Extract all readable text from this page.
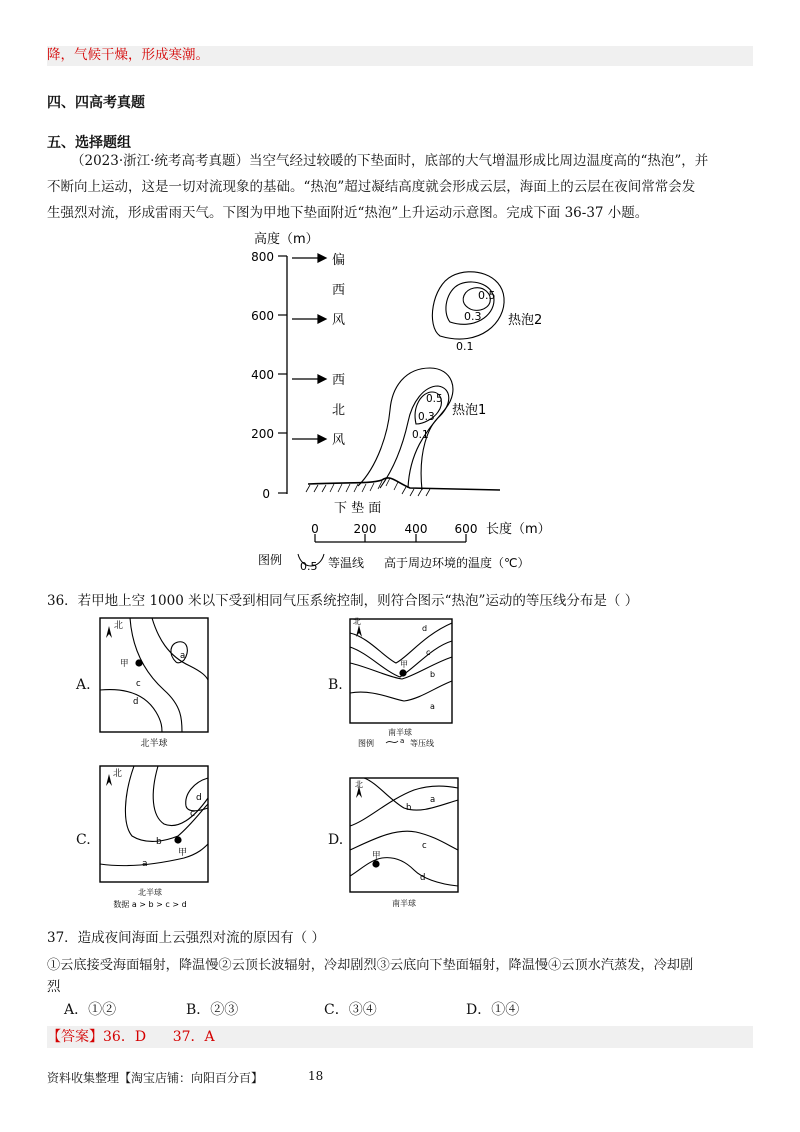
降，气候干燥，形成寒潮。
四、四高考真题
五、选择题组
（2023·浙江·统考高考真题）当空气经过较暖的下垫面时，底部的大气增温形成比周边温度高的“热泡”，并
不断向上运动，这是一切对流现象的基础。“热泡”超过凝结高度就会形成云层，海面上的云层在夜间常常会发
生强烈对流，形成雷雨天气。下图为甲地下垫面附近“热泡”上升运动示意图。完成下面 36-37 小题。
高度（m）
800
600
400
200
0
偏
西
风
西
北
风
0.5
0.3
0.1
热泡2
0.5
0.3
0.1
热泡1
下 垫 面
0	200 400 600 长度（m）
图例 0.5 等温线 高于周边环境的温度（℃）
36．若甲地上空 1000 米以下受到相同气压系统控制，则符合图示“热泡”运动的等压线分布是（ ）
A.
北
甲
a
c
d
北半球
B.
北
甲
d
c
b
a
南半球
图例	a 等压线
C.
北
甲
a
b
c
d
北半球
数据 a > b > c > d
D.
北
甲
a
b
c
d
南半球
37．造成夜间海面上云强烈对流的原因有（ ）
①云底接受海面辐射，降温慢②云顶长波辐射，冷却剧烈③云底向下垫面辐射，降温慢④云顶水汽蒸发，冷却剧
烈
A．①②	B．②③	C．③④	D．①④
【答案】36．D      37．A
资料收集整理【淘宝店铺：向阳百分百】	18
